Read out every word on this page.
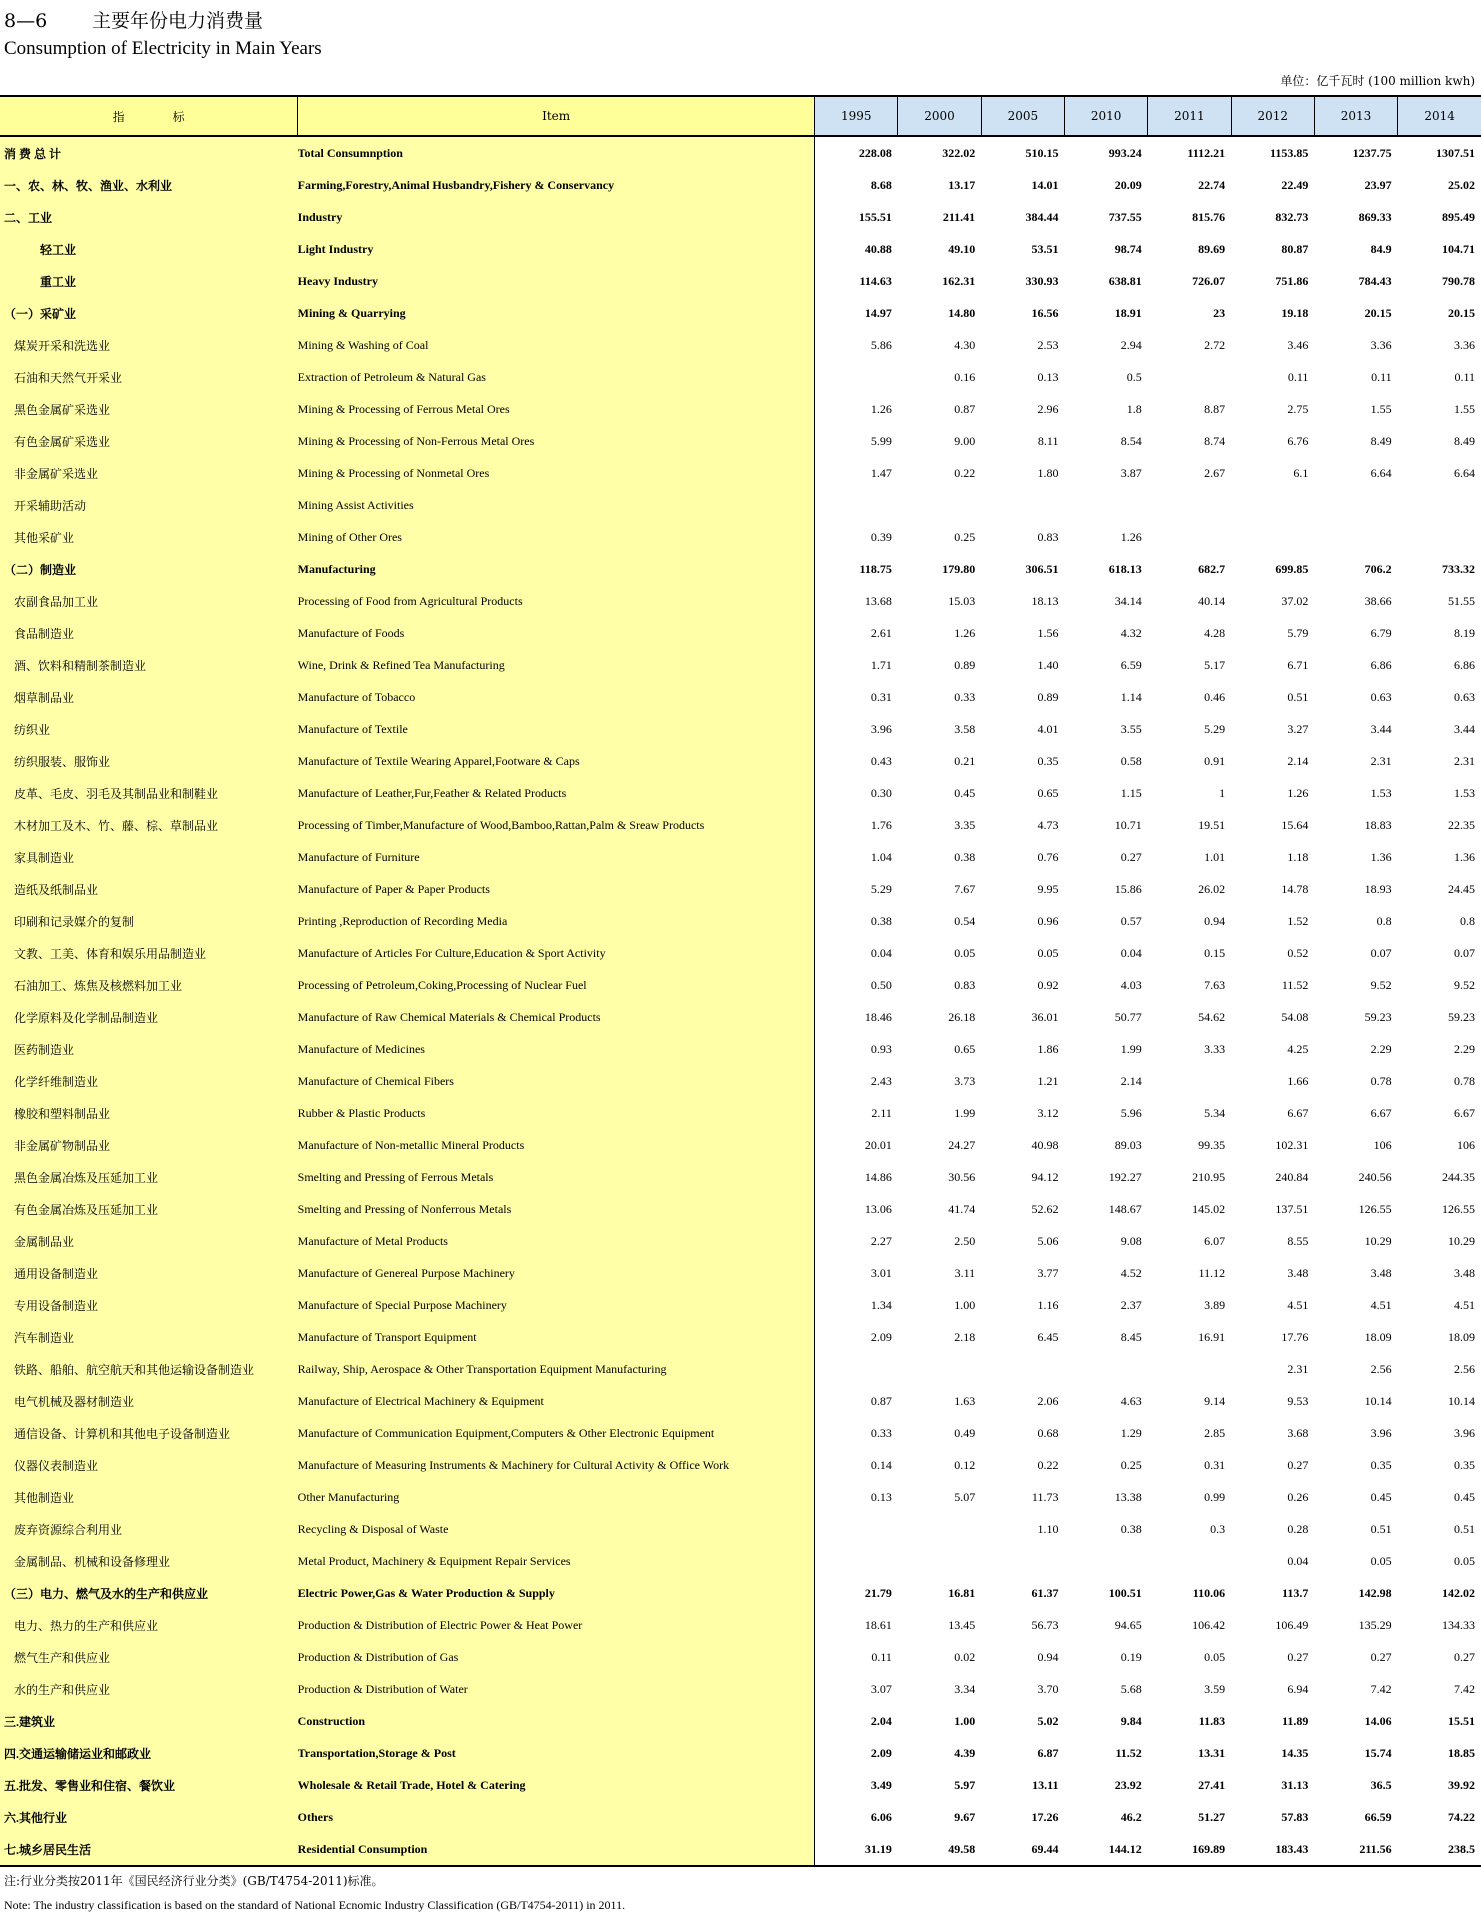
8—6 主要年份电力消费量
Consumption of Electricity in Main Years
单位：亿千瓦时 (100 million kwh)
指　　　　标	Item	1995	2000	2005	2010	2011	2012	2013	2014
消 费 总 计	Total Consumnption	228.08	322.02	510.15	993.24	1112.21	1153.85	1237.75	1307.51
一、农、林、牧、渔业、水利业	Farming,Forestry,Animal Husbandry,Fishery & Conservancy	8.68	13.17	14.01	20.09	22.74	22.49	23.97	25.02
二、工业	Industry	155.51	211.41	384.44	737.55	815.76	832.73	869.33	895.49
轻工业	Light Industry	40.88	49.10	53.51	98.74	89.69	80.87	84.9	104.71
重工业	Heavy Industry	114.63	162.31	330.93	638.81	726.07	751.86	784.43	790.78
（一）采矿业	Mining & Quarrying	14.97	14.80	16.56	18.91	23	19.18	20.15	20.15
煤炭开采和洗选业	Mining & Washing of Coal	5.86	4.30	2.53	2.94	2.72	3.46	3.36	3.36
石油和天然气开采业	Extraction of Petroleum & Natural Gas		0.16	0.13	0.5		0.11	0.11	0.11
黑色金属矿采选业	Mining & Processing of Ferrous Metal Ores	1.26	0.87	2.96	1.8	8.87	2.75	1.55	1.55
有色金属矿采选业	Mining & Processing of Non-Ferrous Metal Ores	5.99	9.00	8.11	8.54	8.74	6.76	8.49	8.49
非金属矿采选业	Mining & Processing of Nonmetal Ores	1.47	0.22	1.80	3.87	2.67	6.1	6.64	6.64
开采辅助活动	Mining Assist Activities								
其他采矿业	Mining of Other Ores	0.39	0.25	0.83	1.26				
（二）制造业	Manufacturing	118.75	179.80	306.51	618.13	682.7	699.85	706.2	733.32
农副食品加工业	Processing of Food from Agricultural Products	13.68	15.03	18.13	34.14	40.14	37.02	38.66	51.55
食品制造业	Manufacture of Foods	2.61	1.26	1.56	4.32	4.28	5.79	6.79	8.19
酒、饮料和精制茶制造业	Wine, Drink & Refined Tea Manufacturing	1.71	0.89	1.40	6.59	5.17	6.71	6.86	6.86
烟草制品业	Manufacture of Tobacco	0.31	0.33	0.89	1.14	0.46	0.51	0.63	0.63
纺织业	Manufacture of Textile	3.96	3.58	4.01	3.55	5.29	3.27	3.44	3.44
纺织服装、服饰业	Manufacture of Textile Wearing Apparel,Footware & Caps	0.43	0.21	0.35	0.58	0.91	2.14	2.31	2.31
皮革、毛皮、羽毛及其制品业和制鞋业	Manufacture of Leather,Fur,Feather & Related Products	0.30	0.45	0.65	1.15	1	1.26	1.53	1.53
木材加工及木、竹、藤、棕、草制品业	Processing of Timber,Manufacture of Wood,Bamboo,Rattan,Palm & Sreaw Products	1.76	3.35	4.73	10.71	19.51	15.64	18.83	22.35
家具制造业	Manufacture of Furniture	1.04	0.38	0.76	0.27	1.01	1.18	1.36	1.36
造纸及纸制品业	Manufacture of Paper & Paper Products	5.29	7.67	9.95	15.86	26.02	14.78	18.93	24.45
印刷和记录媒介的复制	Printing ,Reproduction of Recording Media	0.38	0.54	0.96	0.57	0.94	1.52	0.8	0.8
文教、工美、体育和娱乐用品制造业	Manufacture of Articles For Culture,Education & Sport Activity	0.04	0.05	0.05	0.04	0.15	0.52	0.07	0.07
石油加工、炼焦及核燃料加工业	Processing of Petroleum,Coking,Processing of Nuclear Fuel	0.50	0.83	0.92	4.03	7.63	11.52	9.52	9.52
化学原料及化学制品制造业	Manufacture of Raw Chemical Materials & Chemical Products	18.46	26.18	36.01	50.77	54.62	54.08	59.23	59.23
医药制造业	Manufacture of Medicines	0.93	0.65	1.86	1.99	3.33	4.25	2.29	2.29
化学纤维制造业	Manufacture of Chemical Fibers	2.43	3.73	1.21	2.14		1.66	0.78	0.78
橡胶和塑料制品业	Rubber & Plastic Products	2.11	1.99	3.12	5.96	5.34	6.67	6.67	6.67
非金属矿物制品业	Manufacture of Non-metallic Mineral Products	20.01	24.27	40.98	89.03	99.35	102.31	106	106
黑色金属冶炼及压延加工业	Smelting and Pressing of Ferrous Metals	14.86	30.56	94.12	192.27	210.95	240.84	240.56	244.35
有色金属冶炼及压延加工业	Smelting and Pressing of Nonferrous Metals	13.06	41.74	52.62	148.67	145.02	137.51	126.55	126.55
金属制品业	Manufacture of Metal Products	2.27	2.50	5.06	9.08	6.07	8.55	10.29	10.29
通用设备制造业	Manufacture of Genereal Purpose Machinery	3.01	3.11	3.77	4.52	11.12	3.48	3.48	3.48
专用设备制造业	Manufacture of Special Purpose Machinery	1.34	1.00	1.16	2.37	3.89	4.51	4.51	4.51
汽车制造业	Manufacture of Transport Equipment	2.09	2.18	6.45	8.45	16.91	17.76	18.09	18.09
铁路、船舶、航空航天和其他运输设备制造业	Railway, Ship, Aerospace & Other Transportation Equipment Manufacturing						2.31	2.56	2.56
电气机械及器材制造业	Manufacture of Electrical Machinery & Equipment	0.87	1.63	2.06	4.63	9.14	9.53	10.14	10.14
通信设备、计算机和其他电子设备制造业	Manufacture of Communication Equipment,Computers & Other Electronic Equipment	0.33	0.49	0.68	1.29	2.85	3.68	3.96	3.96
仪器仪表制造业	Manufacture of Measuring Instruments & Machinery for Cultural Activity & Office Work	0.14	0.12	0.22	0.25	0.31	0.27	0.35	0.35
其他制造业	Other Manufacturing	0.13	5.07	11.73	13.38	0.99	0.26	0.45	0.45
废弃资源综合利用业	Recycling & Disposal of Waste			1.10	0.38	0.3	0.28	0.51	0.51
金属制品、机械和设备修理业	Metal Product, Machinery & Equipment Repair Services						0.04	0.05	0.05
（三）电力、燃气及水的生产和供应业	Electric Power,Gas & Water Production & Supply	21.79	16.81	61.37	100.51	110.06	113.7	142.98	142.02
电力、热力的生产和供应业	Production & Distribution of Electric Power & Heat Power	18.61	13.45	56.73	94.65	106.42	106.49	135.29	134.33
燃气生产和供应业	Production & Distribution of Gas	0.11	0.02	0.94	0.19	0.05	0.27	0.27	0.27
水的生产和供应业	Production & Distribution of Water	3.07	3.34	3.70	5.68	3.59	6.94	7.42	7.42
三.建筑业	Construction	2.04	1.00	5.02	9.84	11.83	11.89	14.06	15.51
四.交通运输储运业和邮政业	Transportation,Storage & Post	2.09	4.39	6.87	11.52	13.31	14.35	15.74	18.85
五.批发、零售业和住宿、餐饮业	Wholesale & Retail Trade, Hotel & Catering	3.49	5.97	13.11	23.92	27.41	31.13	36.5	39.92
六.其他行业	Others	6.06	9.67	17.26	46.2	51.27	57.83	66.59	74.22
七.城乡居民生活	Residential Consumption	31.19	49.58	69.44	144.12	169.89	183.43	211.56	238.5
注:行业分类按2011年《国民经济行业分类》(GB/T4754-2011)标准。
Note: The industry classification is based on the standard of National Ecnomic Industry Classification (GB/T4754-2011) in 2011.
